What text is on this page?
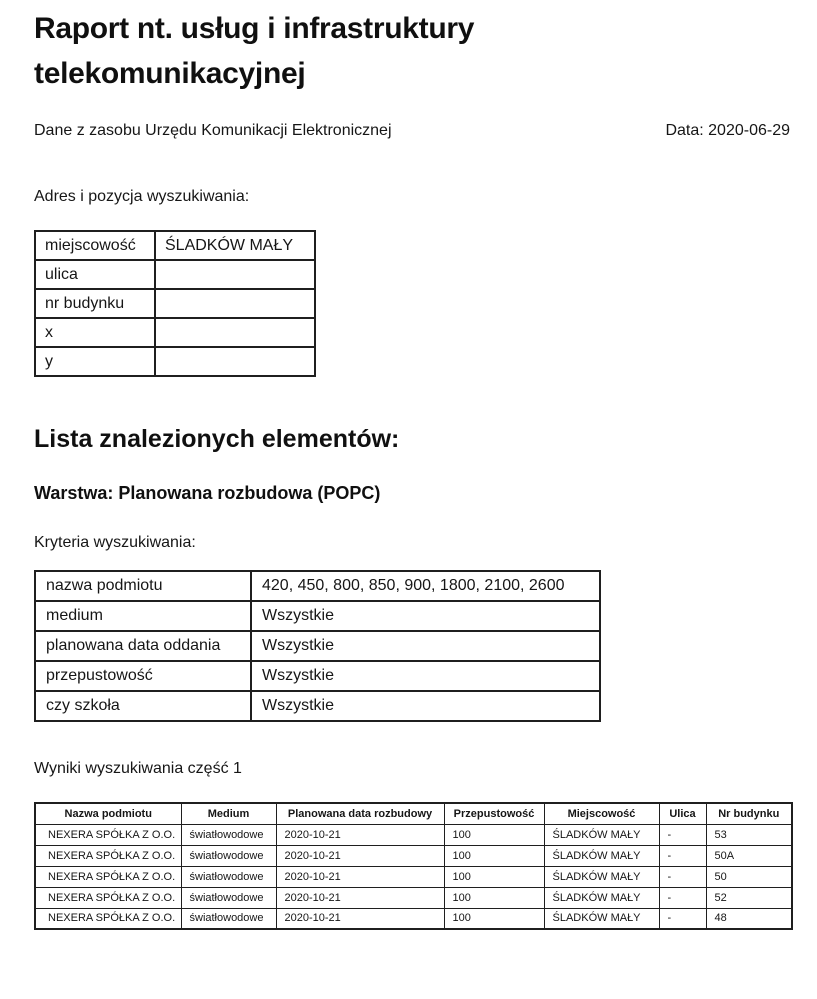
Raport nt. usług i infrastruktury
telekomunikacyjnej
Dane z zasobu Urzędu Komunikacji Elektronicznej	Data: 2020-06-29
Adres i pozycja wyszukiwania:
miejscowość	ŚLADKÓW MAŁY
ulica	
nr budynku	
x	
y	
Lista znalezionych elementów:
Warstwa: Planowana rozbudowa (POPC)
Kryteria wyszukiwania:
nazwa podmiotu	420, 450, 800, 850, 900, 1800, 2100, 2600
medium	Wszystkie
planowana data oddania	Wszystkie
przepustowość	Wszystkie
czy szkoła	Wszystkie
Wyniki wyszukiwania część 1
Nazwa podmiotu	Medium	Planowana data rozbudowy	Przepustowość	Miejscowość	Ulica	Nr budynku
NEXERA SPÓŁKA Z O.O.	światłowodowe	2020-10-21	100	ŚLADKÓW MAŁY	-	53
NEXERA SPÓŁKA Z O.O.	światłowodowe	2020-10-21	100	ŚLADKÓW MAŁY	-	50A
NEXERA SPÓŁKA Z O.O.	światłowodowe	2020-10-21	100	ŚLADKÓW MAŁY	-	50
NEXERA SPÓŁKA Z O.O.	światłowodowe	2020-10-21	100	ŚLADKÓW MAŁY	-	52
NEXERA SPÓŁKA Z O.O.	światłowodowe	2020-10-21	100	ŚLADKÓW MAŁY	-	48
